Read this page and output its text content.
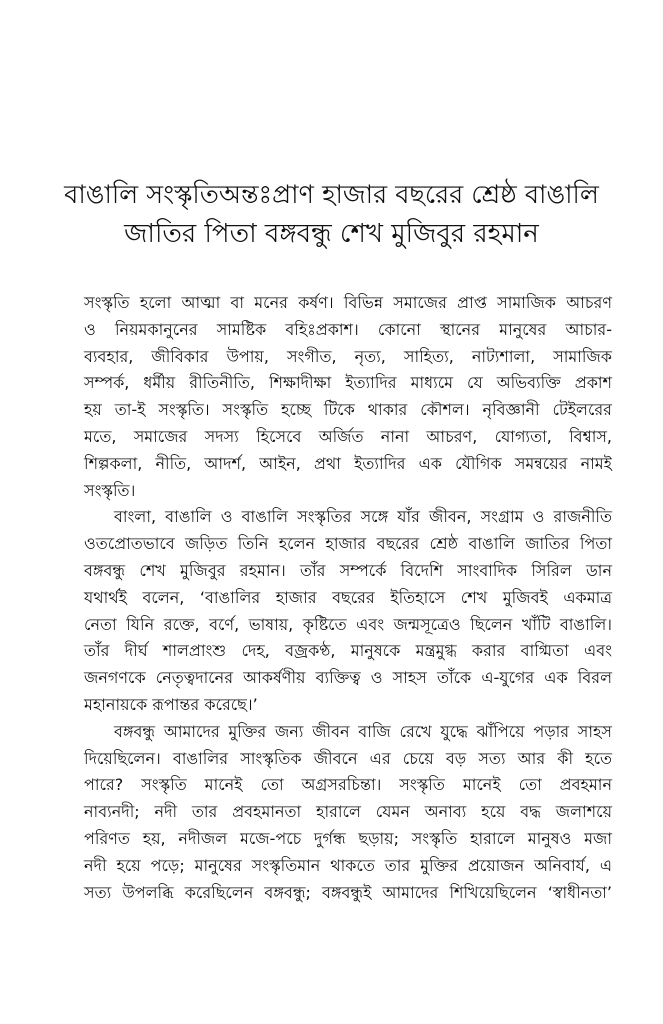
বাঙালি সংস্কৃতিঅন্তঃপ্রাণ হাজার বছরের শ্রেষ্ঠ বাঙালি
জাতির পিতা বঙ্গবন্ধু শেখ মুজিবুর রহমান

সংস্কৃতি হলো আত্মা বা মনের কর্ষণ। বিভিন্ন সমাজের প্রাপ্ত সামাজিক আচরণ
ও নিয়মকানুনের সামষ্টিক বহিঃপ্রকাশ। কোনো স্থানের মানুষের আচার-
ব্যবহার, জীবিকার উপায়, সংগীত, নৃত্য, সাহিত্য, নাট্যশালা, সামাজিক
সম্পর্ক, ধর্মীয় রীতিনীতি, শিক্ষাদীক্ষা ইত্যাদির মাধ্যমে যে অভিব্যক্তি প্রকাশ
হয় তা-ই সংস্কৃতি। সংস্কৃতি হচ্ছে টিকে থাকার কৌশল। নৃবিজ্ঞানী টেইলরের
মতে, সমাজের সদস্য হিসেবে অর্জিত নানা আচরণ, যোগ্যতা, বিশ্বাস,
শিল্পকলা, নীতি, আদর্শ, আইন, প্রথা ইত্যাদির এক যৌগিক সমন্বয়ের নামই
সংস্কৃতি।

বাংলা, বাঙালি ও বাঙালি সংস্কৃতির সঙ্গে যাঁর জীবন, সংগ্রাম ও রাজনীতি
ওতপ্রোতভাবে জড়িত তিনি হলেন হাজার বছরের শ্রেষ্ঠ বাঙালি জাতির পিতা
বঙ্গবন্ধু শেখ মুজিবুর রহমান। তাঁর সম্পর্কে বিদেশি সাংবাদিক সিরিল ডান
যথার্থই বলেন, ‘বাঙালির হাজার বছরের ইতিহাসে শেখ মুজিবই একমাত্র
নেতা যিনি রক্তে, বর্ণে, ভাষায়, কৃষ্টিতে এবং জন্মসূত্রেও ছিলেন খাঁটি বাঙালি।
তাঁর দীর্ঘ শালপ্রাংশু দেহ, বজ্রকণ্ঠ, মানুষকে মন্ত্রমুগ্ধ করার বাগ্মিতা এবং
জনগণকে নেতৃত্বদানের আকর্ষণীয় ব্যক্তিত্ব ও সাহস তাঁকে এ-যুগের এক বিরল
মহানায়কে রূপান্তর করেছে।’

বঙ্গবন্ধু আমাদের মুক্তির জন্য জীবন বাজি রেখে যুদ্ধে ঝাঁপিয়ে পড়ার সাহস
দিয়েছিলেন। বাঙালির সাংস্কৃতিক জীবনে এর চেয়ে বড় সত্য আর কী হতে
পারে? সংস্কৃতি মানেই তো অগ্রসরচিন্তা। সংস্কৃতি মানেই তো প্রবহমান
নাব্যনদী; নদী তার প্রবহমানতা হারালে যেমন অনাব্য হয়ে বদ্ধ জলাশয়ে
পরিণত হয়, নদীজল মজে-পচে দুর্গন্ধ ছড়ায়; সংস্কৃতি হারালে মানুষও মজা
নদী হয়ে পড়ে; মানুষের সংস্কৃতিমান থাকতে তার মুক্তির প্রয়োজন অনিবার্য, এ
সত্য উপলব্ধি করেছিলেন বঙ্গবন্ধু; বঙ্গবন্ধুই আমাদের শিখিয়েছিলেন ‘স্বাধীনতা’
